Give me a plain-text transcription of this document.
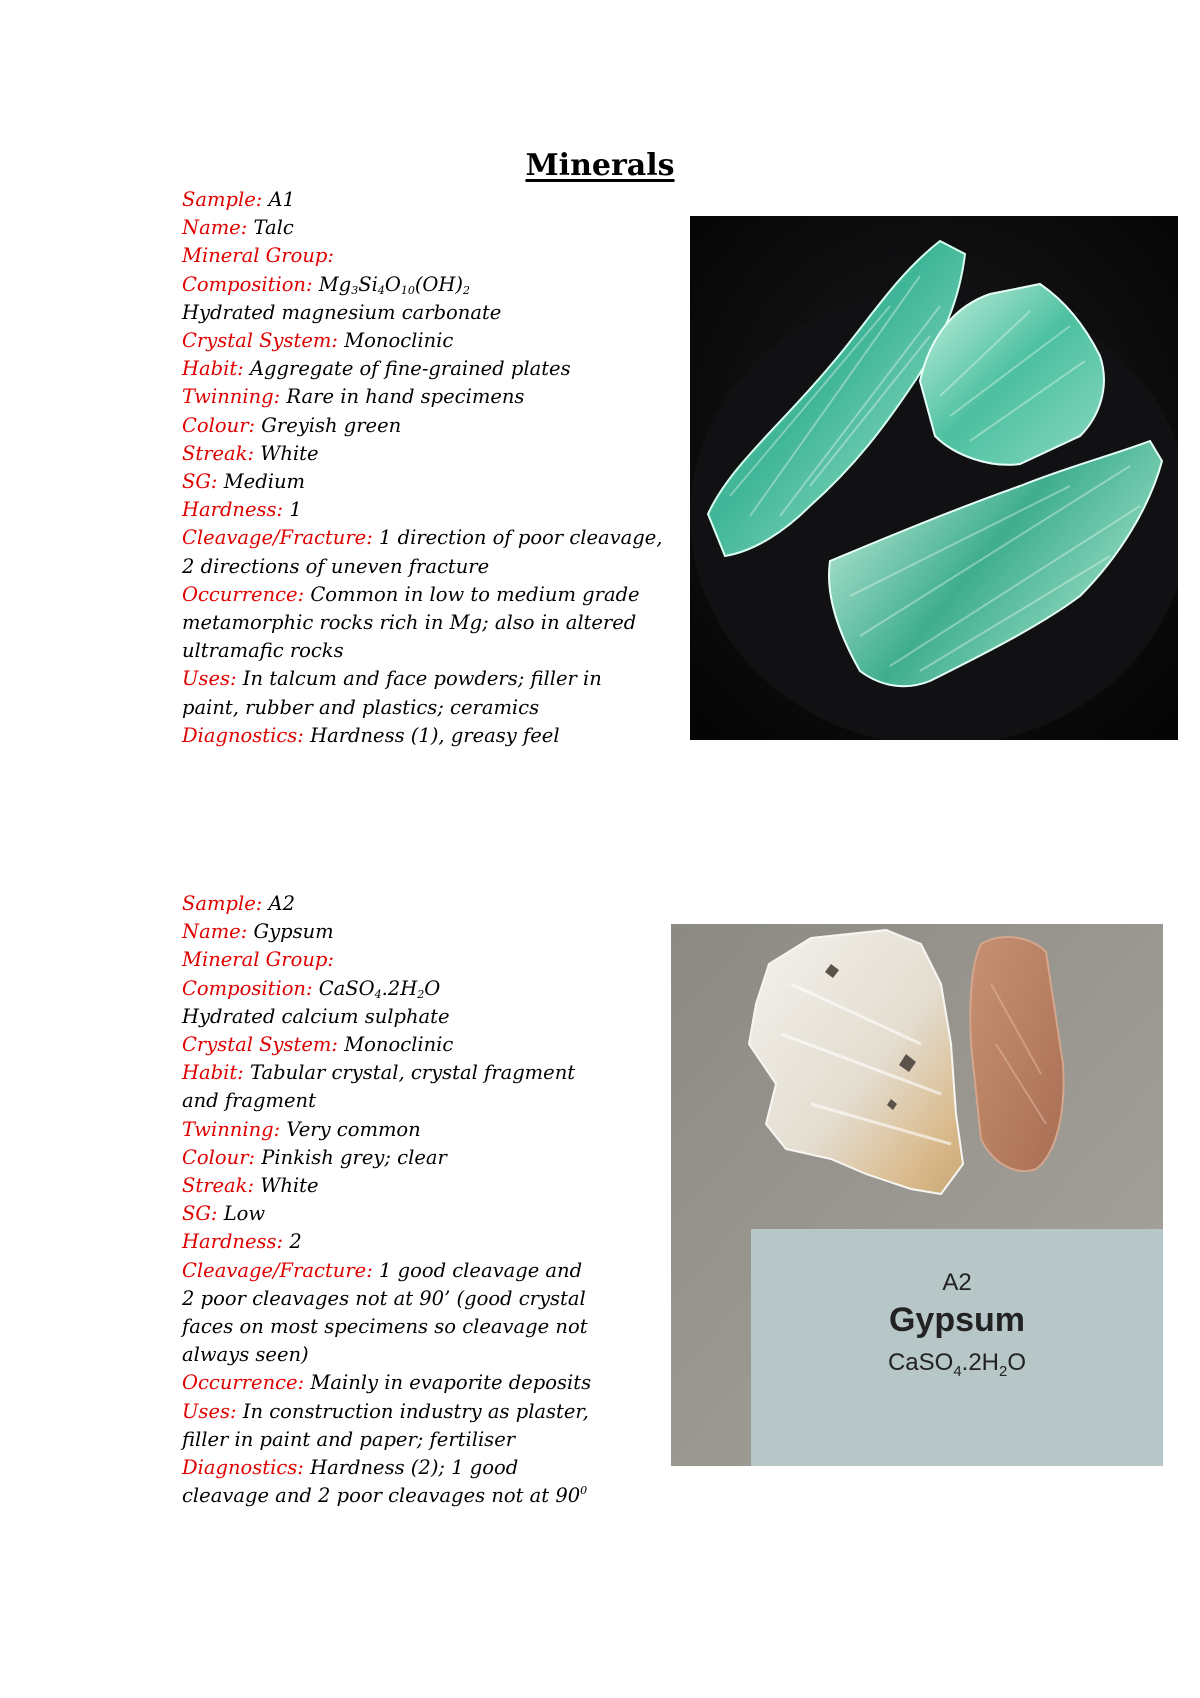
Minerals
Sample: A1
Name: Talc
Mineral Group:
Composition: $Mg_3Si_4O_{10}(OH)_2$
Hydrated magnesium carbonate
Crystal System: Monoclinic
Habit: Aggregate of fine-grained plates
Twinning: Rare in hand specimens
Colour: Greyish green
Streak: White
SG: Medium
Hardness: 1
Cleavage/Fracture: 1 direction of poor cleavage,
2 directions of uneven fracture
Occurrence: Common in low to medium grade
metamorphic rocks rich in Mg; also in altered
ultramafic rocks
Uses: In talcum and face powders; filler in
paint, rubber and plastics; ceramics
Diagnostics: Hardness (1), greasy feel
Sample: A2
Name: Gypsum
Mineral Group:
Composition: $CaSO_4.2H_2O$
Hydrated calcium sulphate
Crystal System: Monoclinic
Habit: Tabular crystal, crystal fragment
and fragment
Twinning: Very common
Colour: Pinkish grey; clear
Streak: White
SG: Low
Hardness: 2
Cleavage/Fracture: 1 good cleavage and
2 poor cleavages not at 90’ (good crystal
faces on most specimens so cleavage not
always seen)
Occurrence: Mainly in evaporite deposits
Uses: In construction industry as plaster,
filler in paint and paper; fertiliser
Diagnostics: Hardness (2); 1 good
cleavage and 2 poor cleavages not at $90^0$
A2
Gypsum
$CaSO_4.2H_2O$
